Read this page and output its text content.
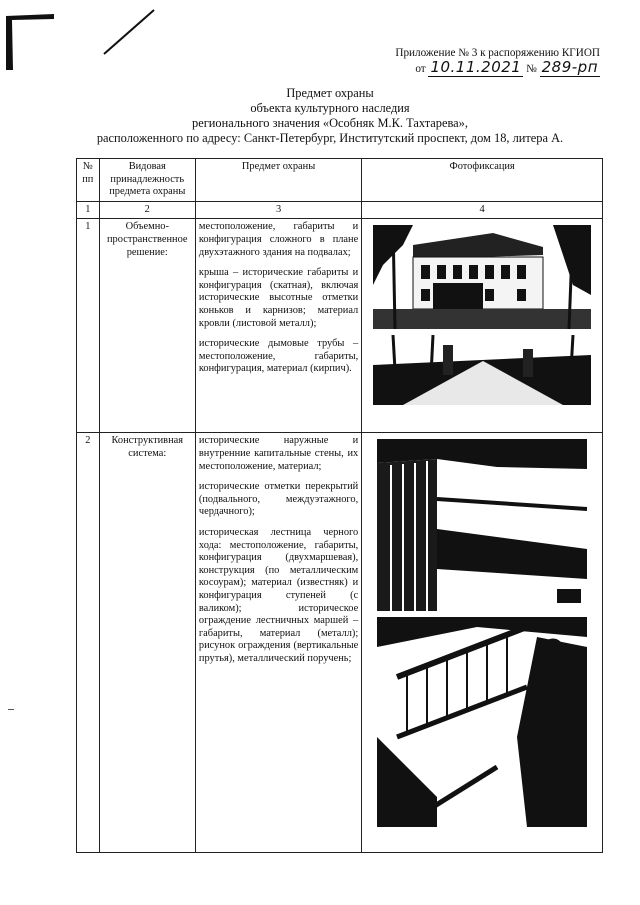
Приложение № 3 к распоряжению КГИОП
от 10.11.2021 № 289-рп
Предмет охраны
объекта культурного наследия
регионального значения «Особняк М.К. Тахтарева»,
расположенного по адресу: Санкт-Петербург, Институтский проспект, дом 18, литера А.
№ пп	Видовая принадлежность предмета охраны	Предмет охраны	Фотофиксация
1	2	3	4
1	Объемно-пространственное решение:	местоположение, габариты и конфигурация сложного в плане двухэтажного здания на подвалах;

крыша – исторические габариты и конфигурация (скатная), включая исторические высотные отметки коньков и карнизов; материал кровли (листовой металл);

исторические дымовые трубы – местоположение, габариты, конфигурация, материал (кирпич).

2	Конструктивная система:	исторические наружные и внутренние капитальные стены, их местоположение, материал;

исторические отметки перекрытий (подвального, междуэтажного, чердачного);

историческая лестница черного хода: местоположение, габариты, конфигурация (двухмаршевая), конструкция (по металлическим косоурам); материал (известняк) и конфигурация ступеней (с валиком); историческое ограждение лестничных маршей – габариты, материал (металл); рисунок ограждения (вертикальные прутья), металлический поручень;
